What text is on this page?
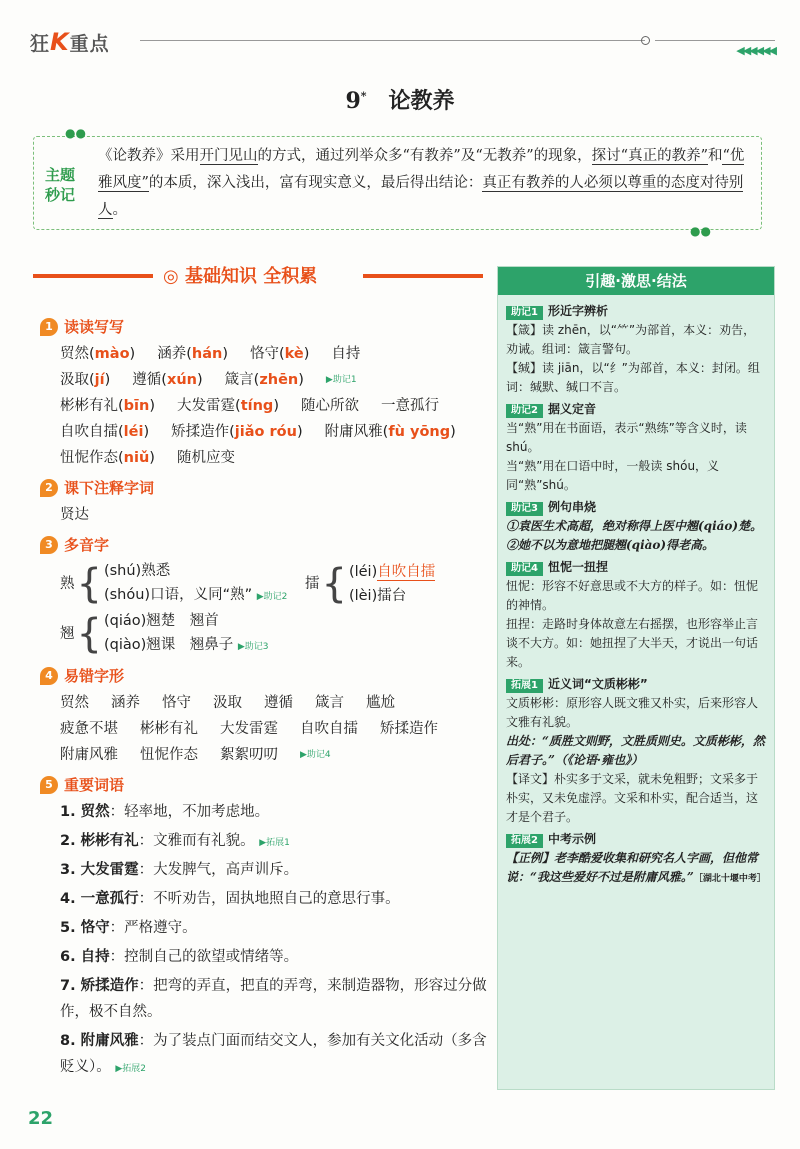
狂K重点	◀◀◀◀◀◀
9*　 论教养
主题
秒记
《论教养》采用开门见山的方式，通过列举众多“有教养”及“无教养”的现象，探讨“真正的教养”和“优雅风度”的本质，深入浅出，富有现实意义，最后得出结论：真正有教养的人必须以尊重的态度对待别人。
●●
●●
◎ 基础知识 全积累
1 读读写写
贸然 (mào) 涵养 (hán) 恪守 (kè) 自持
汲取 (jí) 遵循 (xún) 箴言 (zhēn) ▶助记1
彬彬有礼 (bīn) 大发雷霆 (tíng) 随心所欲 一意孤行
自吹自擂 (léi) 矫揉造作 (jiǎo róu) 附庸风雅 (fù yōng)
忸怩作态 (niǔ) 随机应变
2 课下注释字词
贤达
3 多音字
熟 { (shú)熟悉
(shóu)口语，义同“熟” ▶助记2
擂 { (léi)自吹自擂
(lèi)擂台
翘 { (qiáo)翘楚　翘首
(qiào)翘课　翘鼻子 ▶助记3
4 易错字形
贸然 涵养 恪守 汲取 遵循 箴言 尴尬
疲惫不堪 彬彬有礼 大发雷霆 自吹自擂 矫揉造作
附庸风雅 忸怩作态 絮絮叨叨 ▶助记4
5 重要词语
1. 贸然：轻率地，不加考虑地。
2. 彬彬有礼：文雅而有礼貌。 ▶拓展1
3. 大发雷霆：大发脾气，高声训斥。
4. 一意孤行：不听劝告，固执地照自己的意思行事。
5. 恪守：严格遵守。
6. 自持：控制自己的欲望或情绪等。
7. 矫揉造作：把弯的弄直，把直的弄弯，来制造器物，形容过分做作，极不自然。
8. 附庸风雅：为了装点门面而结交文人，参加有关文化活动（多含贬义）。 ▶拓展2
引趣·激思·结法
助记1 形近字辨析
【箴】读 zhēn，以“⺮”为部首，本义：劝告，劝诫。组词：箴言警句。
【缄】读 jiān，以“纟”为部首，本义：封闭。组词：缄默、缄口不言。
助记2 据义定音
当“熟”用在书面语，表示“熟练”等含义时，读 shú。
当“熟”用在口语中时，一般读 shóu，义同“熟”shú。
助记3 例句串烧
①袁医生术高超，绝对称得上医中翘(qiáo)楚。
②她不以为意地把腿翘(qiào)得老高。
助记4 忸怩一扭捏
忸怩：形容不好意思或不大方的样子。如：忸怩的神情。
扭捏：走路时身体故意左右摇摆，也形容举止言谈不大方。如：她扭捏了大半天，才说出一句话来。
拓展1 近义词“文质彬彬”
文质彬彬：原形容人既文雅又朴实，后来形容人文雅有礼貌。
出处：“质胜文则野，文胜质则史。文质彬彬，然后君子。”（《论语·雍也》）
【译文】朴实多于文采，就未免粗野；文采多于朴实，又未免虚浮。文采和朴实，配合适当，这才是个君子。
拓展2 中考示例
【正例】老李酷爱收集和研究名人字画，但他常说：“我这些爱好不过是附庸风雅。”［湖北十堰中考］
22
